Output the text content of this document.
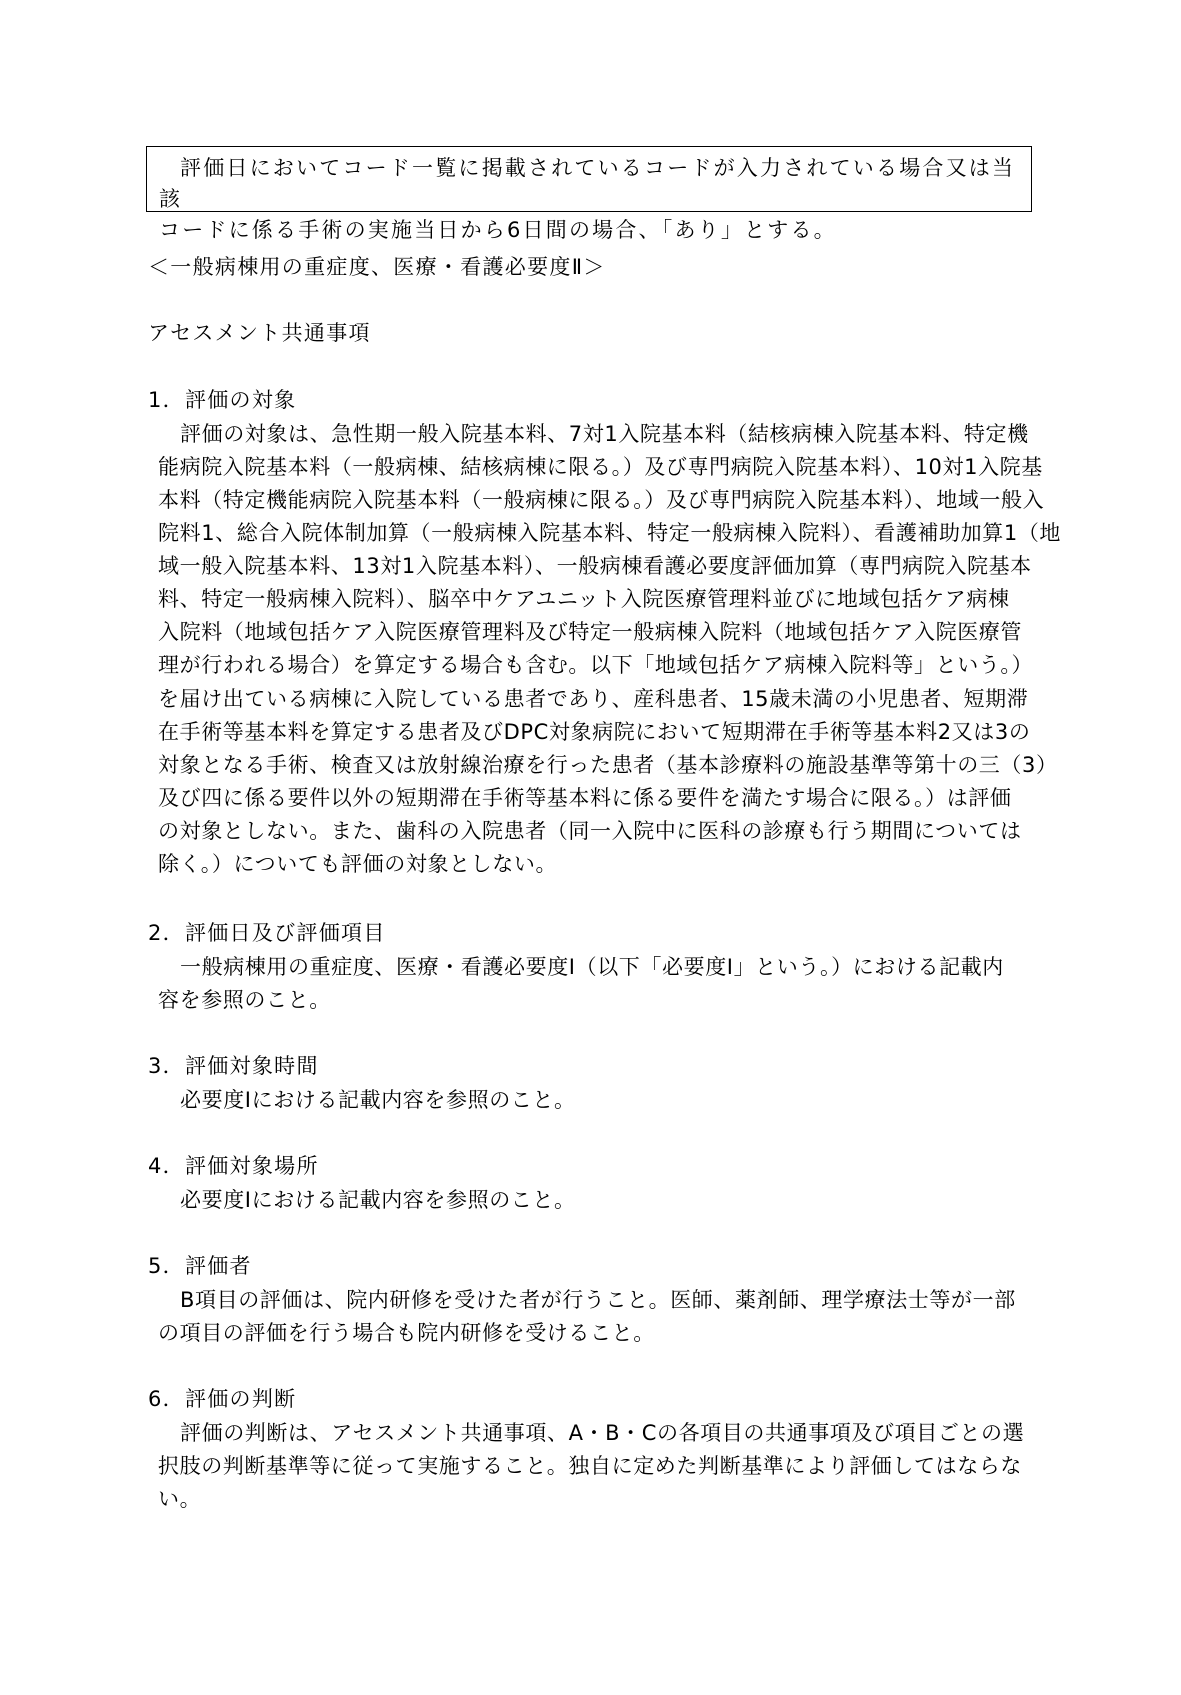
評価日においてコード一覧に掲載されているコードが入力されている場合又は当該

コードに係る手術の実施当日から6日間の場合、「あり」とする。
＜一般病棟用の重症度、医療・看護必要度Ⅱ＞
アセスメント共通事項
1．評価の対象
評価の対象は、急性期一般入院基本料、7対1入院基本料（結核病棟入院基本料、特定機
能病院入院基本料（一般病棟、結核病棟に限る。）及び専門病院入院基本料）、10対1入院基
本料（特定機能病院入院基本料（一般病棟に限る。）及び専門病院入院基本料）、地域一般入
院料1、総合入院体制加算（一般病棟入院基本料、特定一般病棟入院料）、看護補助加算1（地
域一般入院基本料、13対1入院基本料）、一般病棟看護必要度評価加算（専門病院入院基本
料、特定一般病棟入院料）、脳卒中ケアユニット入院医療管理料並びに地域包括ケア病棟
入院料（地域包括ケア入院医療管理料及び特定一般病棟入院料（地域包括ケア入院医療管
理が行われる場合）を算定する場合も含む。以下「地域包括ケア病棟入院料等」という。）
を届け出ている病棟に入院している患者であり、産科患者、15歳未満の小児患者、短期滞
在手術等基本料を算定する患者及びDPC対象病院において短期滞在手術等基本料2又は3の
対象となる手術、検査又は放射線治療を行った患者（基本診療料の施設基準等第十の三（3）
及び四に係る要件以外の短期滞在手術等基本料に係る要件を満たす場合に限る。）は評価
の対象としない。また、歯科の入院患者（同一入院中に医科の診療も行う期間については
除く。）についても評価の対象としない。
2．評価日及び評価項目
一般病棟用の重症度、医療・看護必要度Ⅰ（以下「必要度Ⅰ」という。）における記載内
容を参照のこと。
3．評価対象時間
必要度Ⅰにおける記載内容を参照のこと。
4．評価対象場所
必要度Ⅰにおける記載内容を参照のこと。
5．評価者
B項目の評価は、院内研修を受けた者が行うこと。医師、薬剤師、理学療法士等が一部
の項目の評価を行う場合も院内研修を受けること。
6．評価の判断
評価の判断は、アセスメント共通事項、A・B・Cの各項目の共通事項及び項目ごとの選
択肢の判断基準等に従って実施すること。独自に定めた判断基準により評価してはならな
い。
